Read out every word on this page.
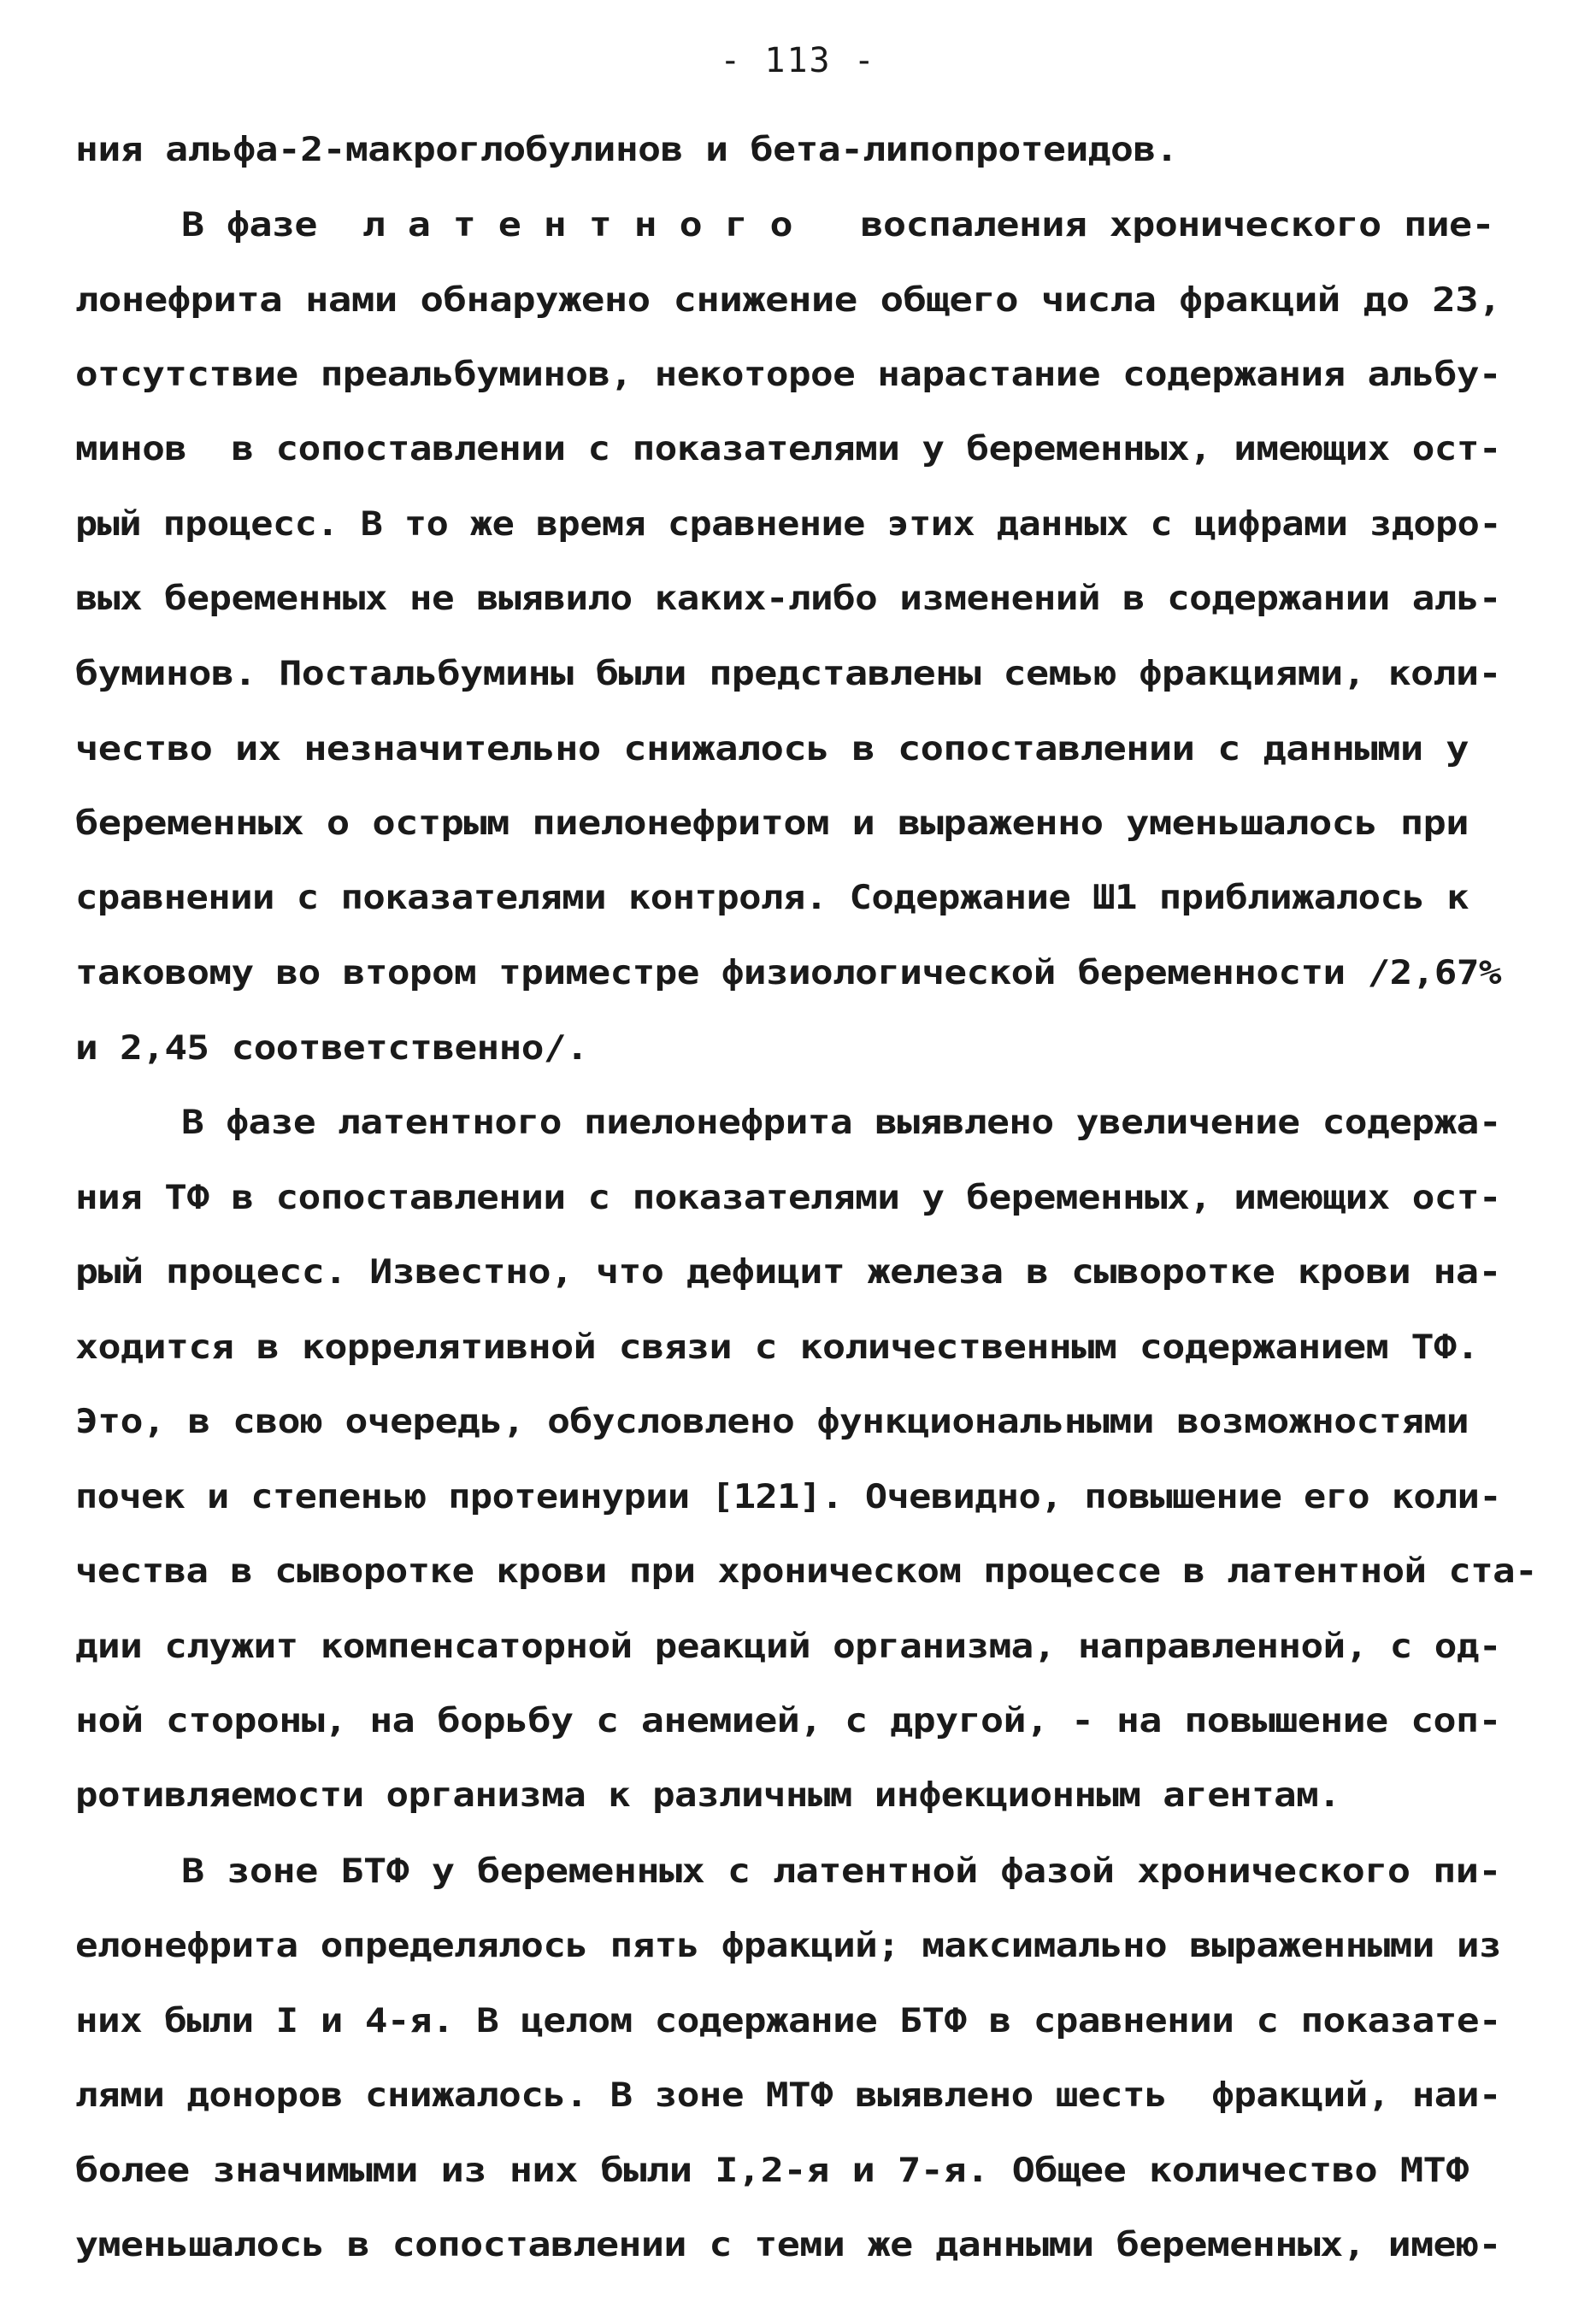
- 113 -
ния альфа-2-макроглобулинов и бета-липопротеидов.
В фазе  л а т е н т н о г о   воспаления хронического пие-
лонефрита нами обнаружено снижение общего числа фракций до 23,
отсутствие преальбуминов, некоторое нарастание содержания альбу-
минов  в сопоставлении с показателями у беременных, имеющих ост-
рый процесс. В то же время сравнение этих данных с цифрами здоро-
вых беременных не выявило каких-либо изменений в содержании аль-
буминов. Постальбумины были представлены семью фракциями, коли-
чество их незначительно снижалось в сопоставлении с данными у
беременных о острым пиелонефритом и выраженно уменьшалось при
сравнении с показателями контроля. Содержание Ш1 приближалось к
таковому во втором триместре физиологической беременности /2,67%
и 2,45 соответственно/.
В фазе латентного пиелонефрита выявлено увеличение содержа-
ния ТФ в сопоставлении с показателями у беременных, имеющих ост-
рый процесс. Известно, что дефицит железа в сыворотке крови на-
ходится в коррелятивной связи с количественным содержанием ТФ.
Это, в свою очередь, обусловлено функциональными возможностями
почек и степенью протеинурии [121]. Очевидно, повышение его коли-
чества в сыворотке крови при хроническом процессе в латентной ста-
дии служит компенсаторной реакций организма, направленной, с од-
ной стороны, на борьбу с анемией, с другой, - на повышение соп-
ротивляемости организма к различным инфекционным агентам.
В зоне БТФ у беременных с латентной фазой хронического пи-
елонефрита определялось пять фракций; максимально выраженными из
них были I и 4-я. В целом содержание БТФ в сравнении с показате-
лями доноров снижалось. В зоне МТФ выявлено шесть  фракций, наи-
более значимыми из них были I,2-я и 7-я. Общее количество МТФ
уменьшалось в сопоставлении с теми же данными беременных, имею-
